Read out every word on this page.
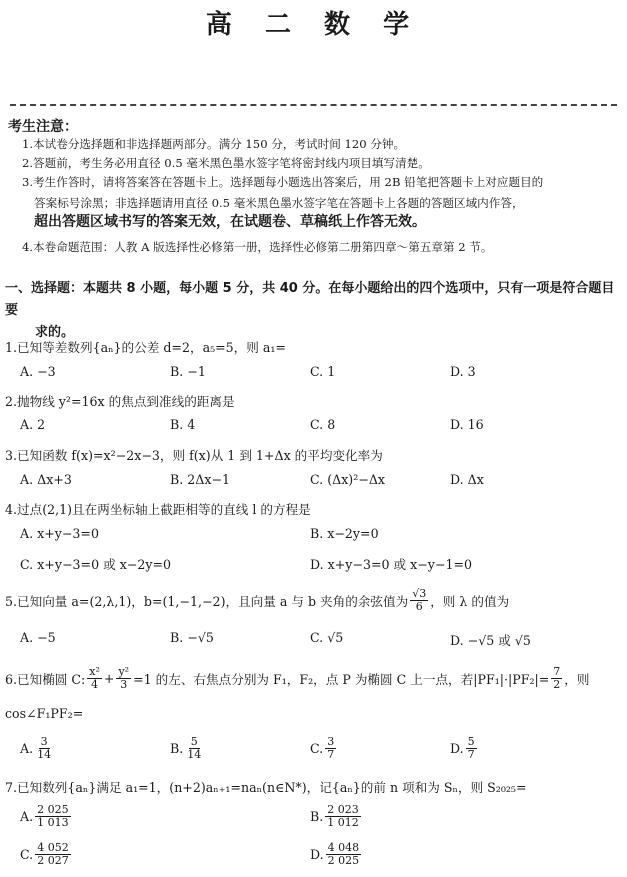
高 二 数 学
考生注意：
1.本试卷分选择题和非选择题两部分。满分 150 分，考试时间 120 分钟。
2.答题前，考生务必用直径 0.5 毫米黑色墨水签字笔将密封线内项目填写清楚。
3.考生作答时，请将答案答在答题卡上。选择题每小题选出答案后，用 2B 铅笔把答题卡上对应题目的
答案标号涂黑；非选择题请用直径 0.5 毫米黑色墨水签字笔在答题卡上各题的答题区域内作答，
超出答题区域书写的答案无效，在试题卷、草稿纸上作答无效。
4.本卷命题范围：人教 A 版选择性必修第一册，选择性必修第二册第四章～第五章第 2 节。
一、选择题：本题共 8 小题，每小题 5 分，共 40 分。在每小题给出的四个选项中，只有一项是符合题目要
求的。
1.已知等差数列{aₙ}的公差 d=2，a₅=5，则 a₁=
A. −3	B. −1	C. 1	D. 3
2.抛物线 y²=16x 的焦点到准线的距离是
A. 2	B. 4	C. 8	D. 16
3.已知函数 f(x)=x²−2x−3，则 f(x)从 1 到 1+Δx 的平均变化率为
A. Δx+3	B. 2Δx−1	C. (Δx)²−Δx	D. Δx
4.过点(2,1)且在两坐标轴上截距相等的直线 l 的方程是
A. x+y−3=0	B. x−2y=0
C. x+y−3=0 或 x−2y=0	D. x+y−3=0 或 x−y−1=0
5.已知向量 a=(2,λ,1)，b=(1,−1,−2)，且向量 a 与 b 夹角的余弦值为 $\frac{√3}{6}$ ，则 λ 的值为
A. −5	B. −√5	C. √5	D. −√5 或 √5
6.已知椭圆 C: $\frac{\text{x²}}{4} + \frac{\text{y²}}{3} =1$ 的左、右焦点分别为 F₁，F₂，点 P 为椭圆 C 上一点，若$|PF_1|\cdot|PF_2|= \frac{7}{2}$ ，则
cos∠F₁PF₂=
A. $\frac{3}{14}$	B. $\frac{5}{14}$	C. $\frac{3}{7}$	D. $\frac{5}{7}$
7.已知数列{aₙ}满足 a₁=1，(n+2)aₙ₊₁=naₙ(n∈N*)，记{aₙ}的前 n 项和为 Sₙ，则 S₂₀₂₅=
A. $\frac{2 025}{1 013}$	B. $\frac{2 023}{1 012}$
C. $\frac{4 052}{2 027}$	D. $\frac{4 048}{2 025}$
